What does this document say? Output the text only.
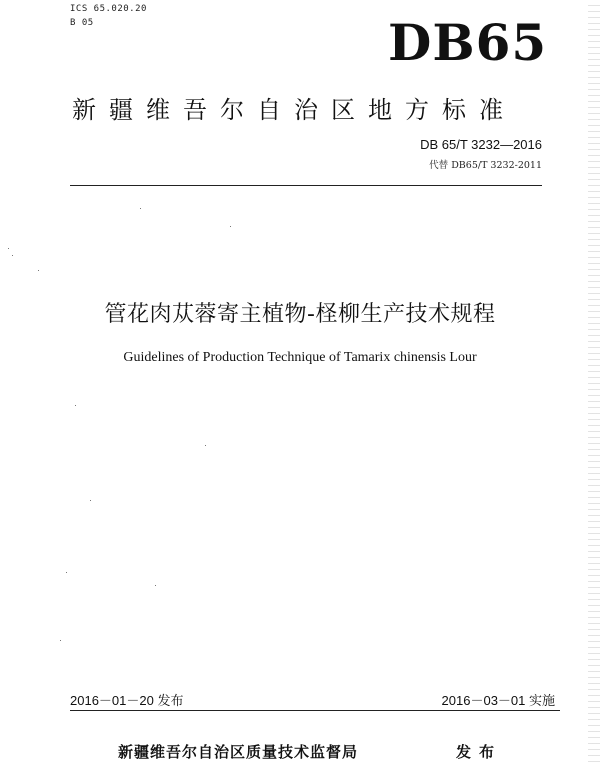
ICS 65.020.20
B 05	DB65
新疆维吾尔自治区地方标准
DB 65/T 3232—2016
代替 DB65/T 3232-2011
管花肉苁蓉寄主植物-柽柳生产技术规程
Guidelines of Production Technique of Tamarix chinensis Lour
2016－01－20 发布	2016－03－01 实施
新疆维吾尔自治区质量技术监督局	发布
